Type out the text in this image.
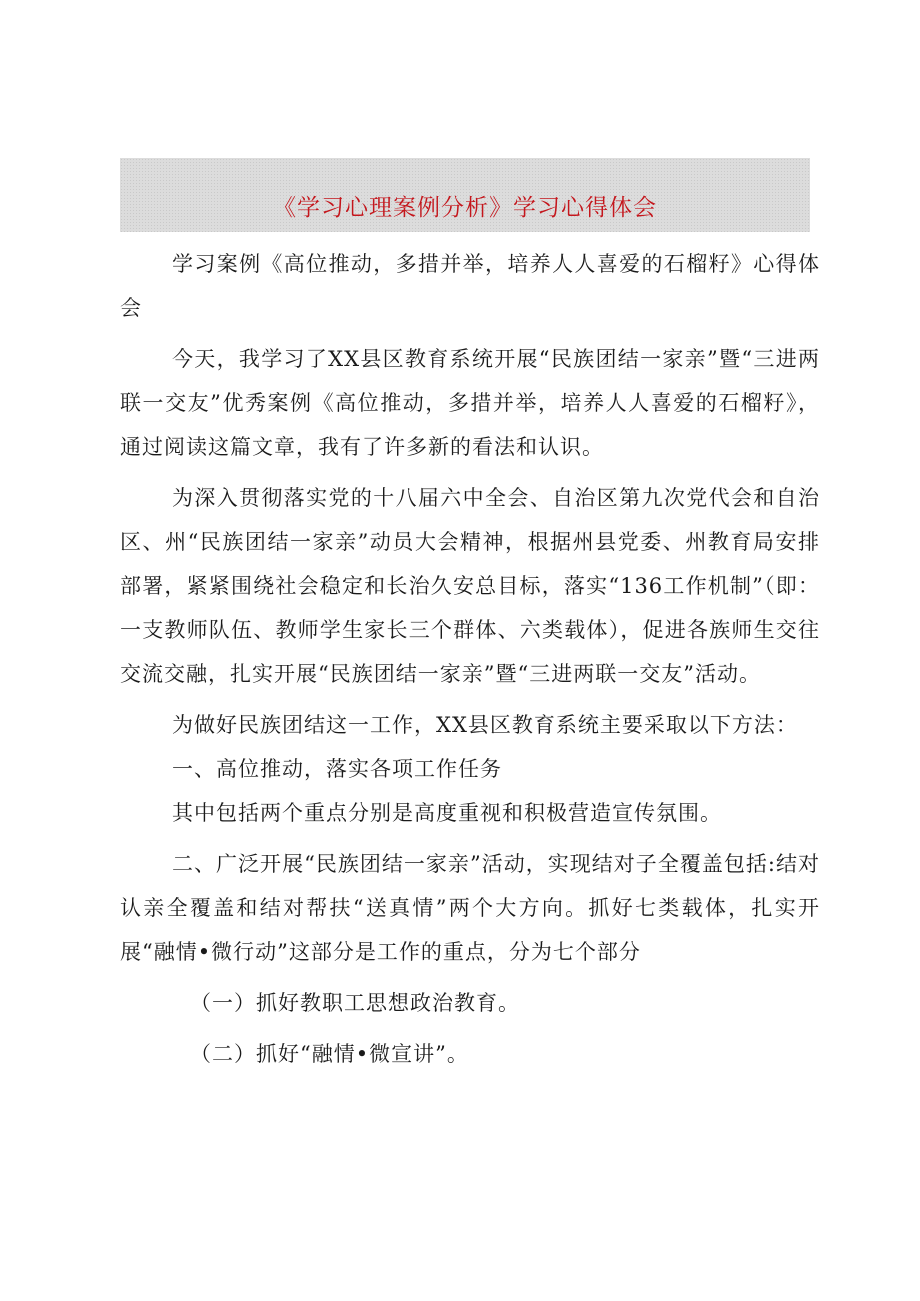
《学习心理案例分析》学习心得体会

学习案例《高位推动，多措并举，培养人人喜爱的石榴籽》心得体会

今天，我学习了XX县区教育系统开展“民族团结一家亲”暨“三进两联一交友”优秀案例《高位推动，多措并举，培养人人喜爱的石榴籽》，通过阅读这篇文章，我有了许多新的看法和认识。

为深入贯彻落实党的十八届六中全会、自治区第九次党代会和自治区、州“民族团结一家亲”动员大会精神，根据州县党委、州教育局安排部署，紧紧围绕社会稳定和长治久安总目标，落实“136工作机制”（即：一支教师队伍、教师学生家长三个群体、六类载体），促进各族师生交往交流交融，扎实开展“民族团结一家亲”暨“三进两联一交友”活动。

为做好民族团结这一工作，XX县区教育系统主要采取以下方法：

一、高位推动，落实各项工作任务

其中包括两个重点分别是高度重视和积极营造宣传氛围。

二、广泛开展“民族团结一家亲”活动，实现结对子全覆盖包括:结对认亲全覆盖和结对帮扶“送真情”两个大方向。抓好七类载体，扎实开展“融情•微行动”这部分是工作的重点，分为七个部分

（一）抓好教职工思想政治教育。

（二）抓好“融情•微宣讲”。
